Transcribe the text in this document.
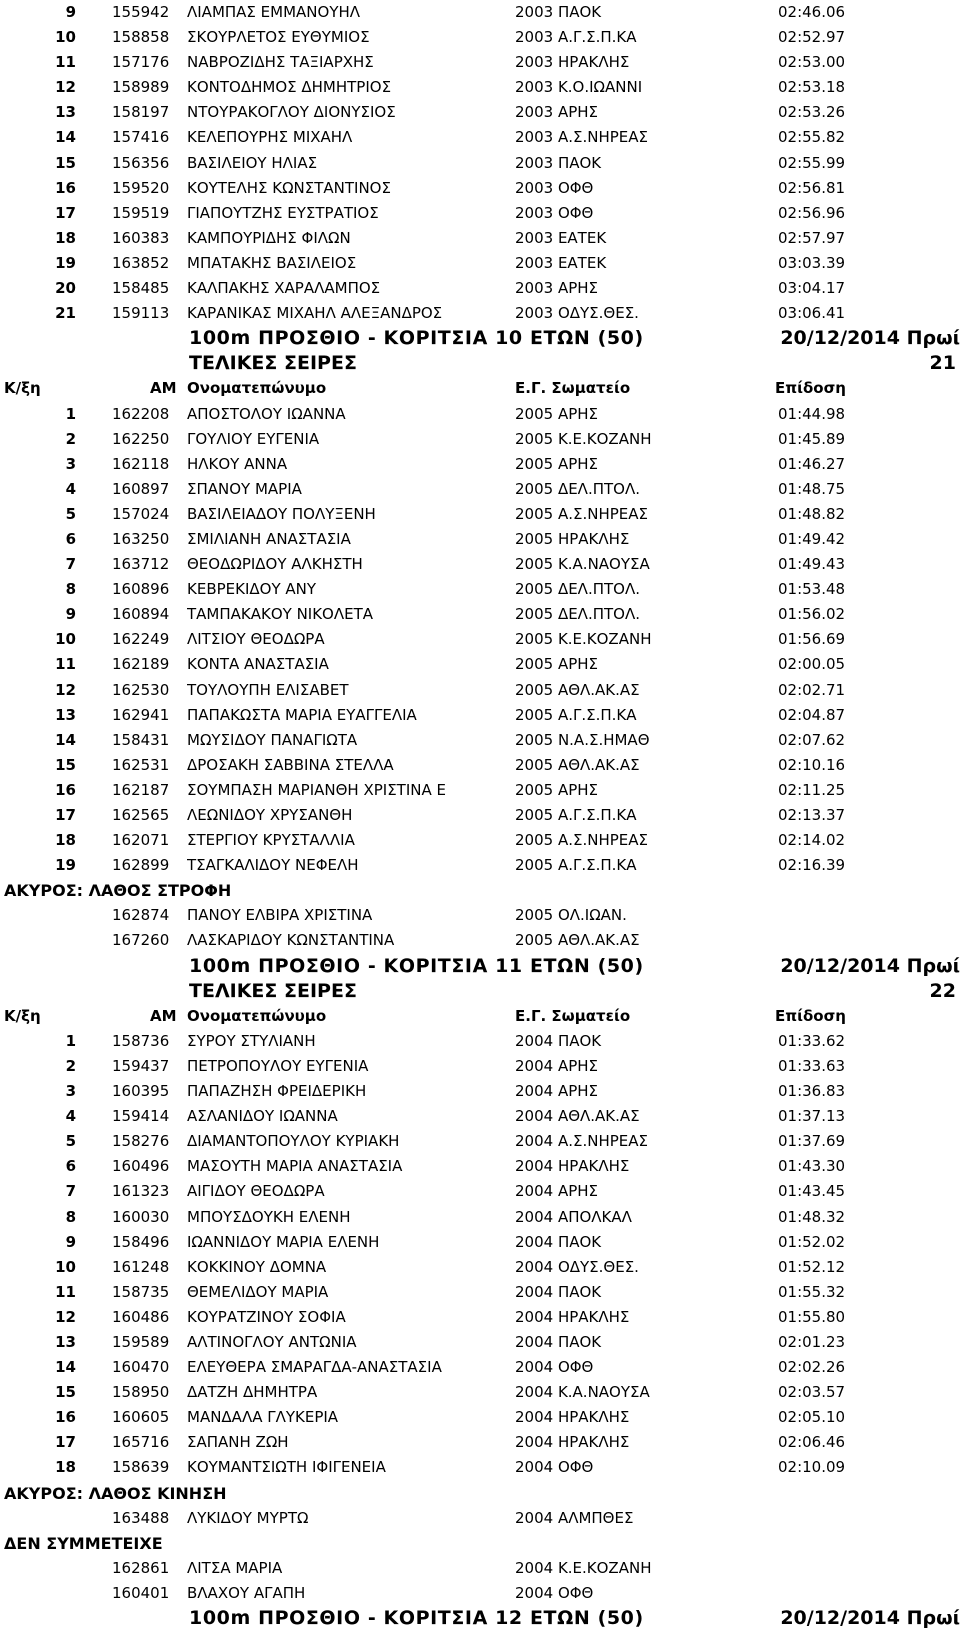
9 155942 ΛΙΑΜΠΑΣ ΕΜΜΑΝΟΥΗΛ	2003 ΠΑΟΚ	02:46.06
10 158858 ΣΚΟΥΡΛΕΤΟΣ ΕΥΘΥΜΙΟΣ	2003 Α.Γ.Σ.Π.ΚΑ	02:52.97
11 157176 ΝΑΒΡΟΖΙΔΗΣ ΤΑΞΙΑΡΧΗΣ	2003 ΗΡΑΚΛΗΣ	02:53.00
12 158989 ΚΟΝΤΟΔΗΜΟΣ ΔΗΜΗΤΡΙΟΣ	2003 Κ.Ο.ΙΩΑΝΝΙ	02:53.18
13 158197 ΝΤΟΥΡΑΚΟΓΛΟΥ ΔΙΟΝΥΣΙΟΣ	2003 ΑΡΗΣ	02:53.26
14 157416 ΚΕΛΕΠΟΥΡΗΣ ΜΙΧΑΗΛ	2003 Α.Σ.ΝΗΡΕΑΣ	02:55.82
15 156356 ΒΑΣΙΛΕΙΟΥ ΗΛΙΑΣ	2003 ΠΑΟΚ	02:55.99
16 159520 ΚΟΥΤΕΛΗΣ ΚΩΝΣΤΑΝΤΙΝΟΣ	2003 ΟΦΘ	02:56.81
17 159519 ΓΙΑΠΟΥΤΖΗΣ ΕΥΣΤΡΑΤΙΟΣ	2003 ΟΦΘ	02:56.96
18 160383 ΚΑΜΠΟΥΡΙΔΗΣ ΦΙΛΩΝ	2003 ΕΑΤΕΚ	02:57.97
19 163852 ΜΠΑΤΑΚΗΣ ΒΑΣΙΛΕΙΟΣ	2003 ΕΑΤΕΚ	03:03.39
20 158485 ΚΑΛΠΑΚΗΣ ΧΑΡΑΛΑΜΠΟΣ	2003 ΑΡΗΣ	03:04.17
21 159113 ΚΑΡΑΝΙΚΑΣ ΜΙΧΑΗΛ ΑΛΕΞΑΝΔΡΟΣ	2003 ΟΔΥΣ.ΘΕΣ.	03:06.41
100m ΠΡΟΣΘΙΟ - ΚΟΡΙΤΣΙΑ 10 ΕΤΩΝ (50)	20/12/2014 Πρωί
ΤΕΛΙΚΕΣ ΣΕΙΡΕΣ	21
Κ/ξη	ΑΜ Ονοματεπώνυμο	Ε.Γ. Σωματείο	Επίδοση
1 162208 ΑΠΟΣΤΟΛΟΥ ΙΩΑΝΝΑ	2005 ΑΡΗΣ	01:44.98
2 162250 ΓΟΥΛΙΟΥ ΕΥΓΕΝΙΑ	2005 Κ.Ε.ΚΟΖΑΝΗ	01:45.89
3 162118 ΗΛΚΟΥ ΑΝΝΑ	2005 ΑΡΗΣ	01:46.27
4 160897 ΣΠΑΝΟΥ ΜΑΡΙΑ	2005 ΔΕΛ.ΠΤΟΛ.	01:48.75
5 157024 ΒΑΣΙΛΕΙΑΔΟΥ ΠΟΛΥΞΕΝΗ	2005 Α.Σ.ΝΗΡΕΑΣ	01:48.82
6 163250 ΣΜΙΛΙΑΝΗ ΑΝΑΣΤΑΣΙΑ	2005 ΗΡΑΚΛΗΣ	01:49.42
7 163712 ΘΕΟΔΩΡΙΔΟΥ ΑΛΚΗΣΤΗ	2005 Κ.Α.ΝΑΟΥΣΑ	01:49.43
8 160896 ΚΕΒΡΕΚΙΔΟΥ ΑΝΥ	2005 ΔΕΛ.ΠΤΟΛ.	01:53.48
9 160894 ΤΑΜΠΑΚΑΚΟΥ ΝΙΚΟΛΕΤΑ	2005 ΔΕΛ.ΠΤΟΛ.	01:56.02
10 162249 ΛΙΤΣΙΟΥ ΘΕΟΔΩΡΑ	2005 Κ.Ε.ΚΟΖΑΝΗ	01:56.69
11 162189 ΚΟΝΤΑ ΑΝΑΣΤΑΣΙΑ	2005 ΑΡΗΣ	02:00.05
12 162530 ΤΟΥΛΟΥΠΗ ΕΛΙΣΑΒΕΤ	2005 ΑΘΛ.ΑΚ.ΑΣ	02:02.71
13 162941 ΠΑΠΑΚΩΣΤΑ ΜΑΡΙΑ ΕΥΑΓΓΕΛΙΑ	2005 Α.Γ.Σ.Π.ΚΑ	02:04.87
14 158431 ΜΩΥΣΙΔΟΥ ΠΑΝΑΓΙΩΤΑ	2005 Ν.Α.Σ.ΗΜΑΘ	02:07.62
15 162531 ΔΡΟΣΑΚΗ ΣΑΒΒΙΝΑ ΣΤΕΛΛΑ	2005 ΑΘΛ.ΑΚ.ΑΣ	02:10.16
16 162187 ΣΟΥΜΠΑΣΗ ΜΑΡΙΑΝΘΗ ΧΡΙΣΤΙΝΑ Ε	2005 ΑΡΗΣ	02:11.25
17 162565 ΛΕΩΝΙΔΟΥ ΧΡΥΣΑΝΘΗ	2005 Α.Γ.Σ.Π.ΚΑ	02:13.37
18 162071 ΣΤΕΡΓΙΟΥ ΚΡΥΣΤΑΛΛΙΑ	2005 Α.Σ.ΝΗΡΕΑΣ	02:14.02
19 162899 ΤΣΑΓΚΑΛΙΔΟΥ ΝΕΦΕΛΗ	2005 Α.Γ.Σ.Π.ΚΑ	02:16.39
ΑΚΥΡΟΣ: ΛΑΘΟΣ ΣΤΡΟΦΗ
162874 ΠΑΝΟΥ ΕΛΒΙΡΑ ΧΡΙΣΤΙΝΑ	2005 ΟΛ.ΙΩΑΝ.
167260 ΛΑΣΚΑΡΙΔΟΥ ΚΩΝΣΤΑΝΤΙΝΑ	2005 ΑΘΛ.ΑΚ.ΑΣ
100m ΠΡΟΣΘΙΟ - ΚΟΡΙΤΣΙΑ 11 ΕΤΩΝ (50)	20/12/2014 Πρωί
ΤΕΛΙΚΕΣ ΣΕΙΡΕΣ	22
Κ/ξη	ΑΜ Ονοματεπώνυμο	Ε.Γ. Σωματείο	Επίδοση
1 158736 ΣΥΡΟΥ ΣΤΥΛΙΑΝΗ	2004 ΠΑΟΚ	01:33.62
2 159437 ΠΕΤΡΟΠΟΥΛΟΥ ΕΥΓΕΝΙΑ	2004 ΑΡΗΣ	01:33.63
3 160395 ΠΑΠΑΖΗΣΗ ΦΡΕΙΔΕΡΙΚΗ	2004 ΑΡΗΣ	01:36.83
4 159414 ΑΣΛΑΝΙΔΟΥ ΙΩΑΝΝΑ	2004 ΑΘΛ.ΑΚ.ΑΣ	01:37.13
5 158276 ΔΙΑΜΑΝΤΟΠΟΥΛΟΥ ΚΥΡΙΑΚΗ	2004 Α.Σ.ΝΗΡΕΑΣ	01:37.69
6 160496 ΜΑΣΟΥΤΗ ΜΑΡΙΑ ΑΝΑΣΤΑΣΙΑ	2004 ΗΡΑΚΛΗΣ	01:43.30
7 161323 ΑΙΓΙΔΟΥ ΘΕΟΔΩΡΑ	2004 ΑΡΗΣ	01:43.45
8 160030 ΜΠΟΥΣΔΟΥΚΗ ΕΛΕΝΗ	2004 ΑΠΟΛΚΑΛ	01:48.32
9 158496 ΙΩΑΝΝΙΔΟΥ ΜΑΡΙΑ ΕΛΕΝΗ	2004 ΠΑΟΚ	01:52.02
10 161248 ΚΟΚΚΙΝΟΥ ΔΟΜΝΑ	2004 ΟΔΥΣ.ΘΕΣ.	01:52.12
11 158735 ΘΕΜΕΛΙΔΟΥ ΜΑΡΙΑ	2004 ΠΑΟΚ	01:55.32
12 160486 ΚΟΥΡΑΤΖΙΝΟΥ ΣΟΦΙΑ	2004 ΗΡΑΚΛΗΣ	01:55.80
13 159589 ΑΛΤΙΝΟΓΛΟΥ ΑΝΤΩΝΙΑ	2004 ΠΑΟΚ	02:01.23
14 160470 ΕΛΕΥΘΕΡΑ ΣΜΑΡΑΓΔΑ-ΑΝΑΣΤΑΣΙΑ	2004 ΟΦΘ	02:02.26
15 158950 ΔΑΤΖΗ ΔΗΜΗΤΡΑ	2004 Κ.Α.ΝΑΟΥΣΑ	02:03.57
16 160605 ΜΑΝΔΑΛΑ ΓΛΥΚΕΡΙΑ	2004 ΗΡΑΚΛΗΣ	02:05.10
17 165716 ΣΑΠΑΝΗ ΖΩΗ	2004 ΗΡΑΚΛΗΣ	02:06.46
18 158639 ΚΟΥΜΑΝΤΣΙΩΤΗ ΙΦΙΓΕΝΕΙΑ	2004 ΟΦΘ	02:10.09
ΑΚΥΡΟΣ: ΛΑΘΟΣ ΚΙΝΗΣΗ
163488 ΛΥΚΙΔΟΥ ΜΥΡΤΩ	2004 ΑΛΜΠΘΕΣ
ΔΕΝ ΣΥΜΜΕΤΕΙΧΕ
162861 ΛΙΤΣΑ ΜΑΡΙΑ	2004 Κ.Ε.ΚΟΖΑΝΗ
160401 ΒΛΑΧΟΥ ΑΓΑΠΗ	2004 ΟΦΘ
100m ΠΡΟΣΘΙΟ - ΚΟΡΙΤΣΙΑ 12 ΕΤΩΝ (50)	20/12/2014 Πρωί
